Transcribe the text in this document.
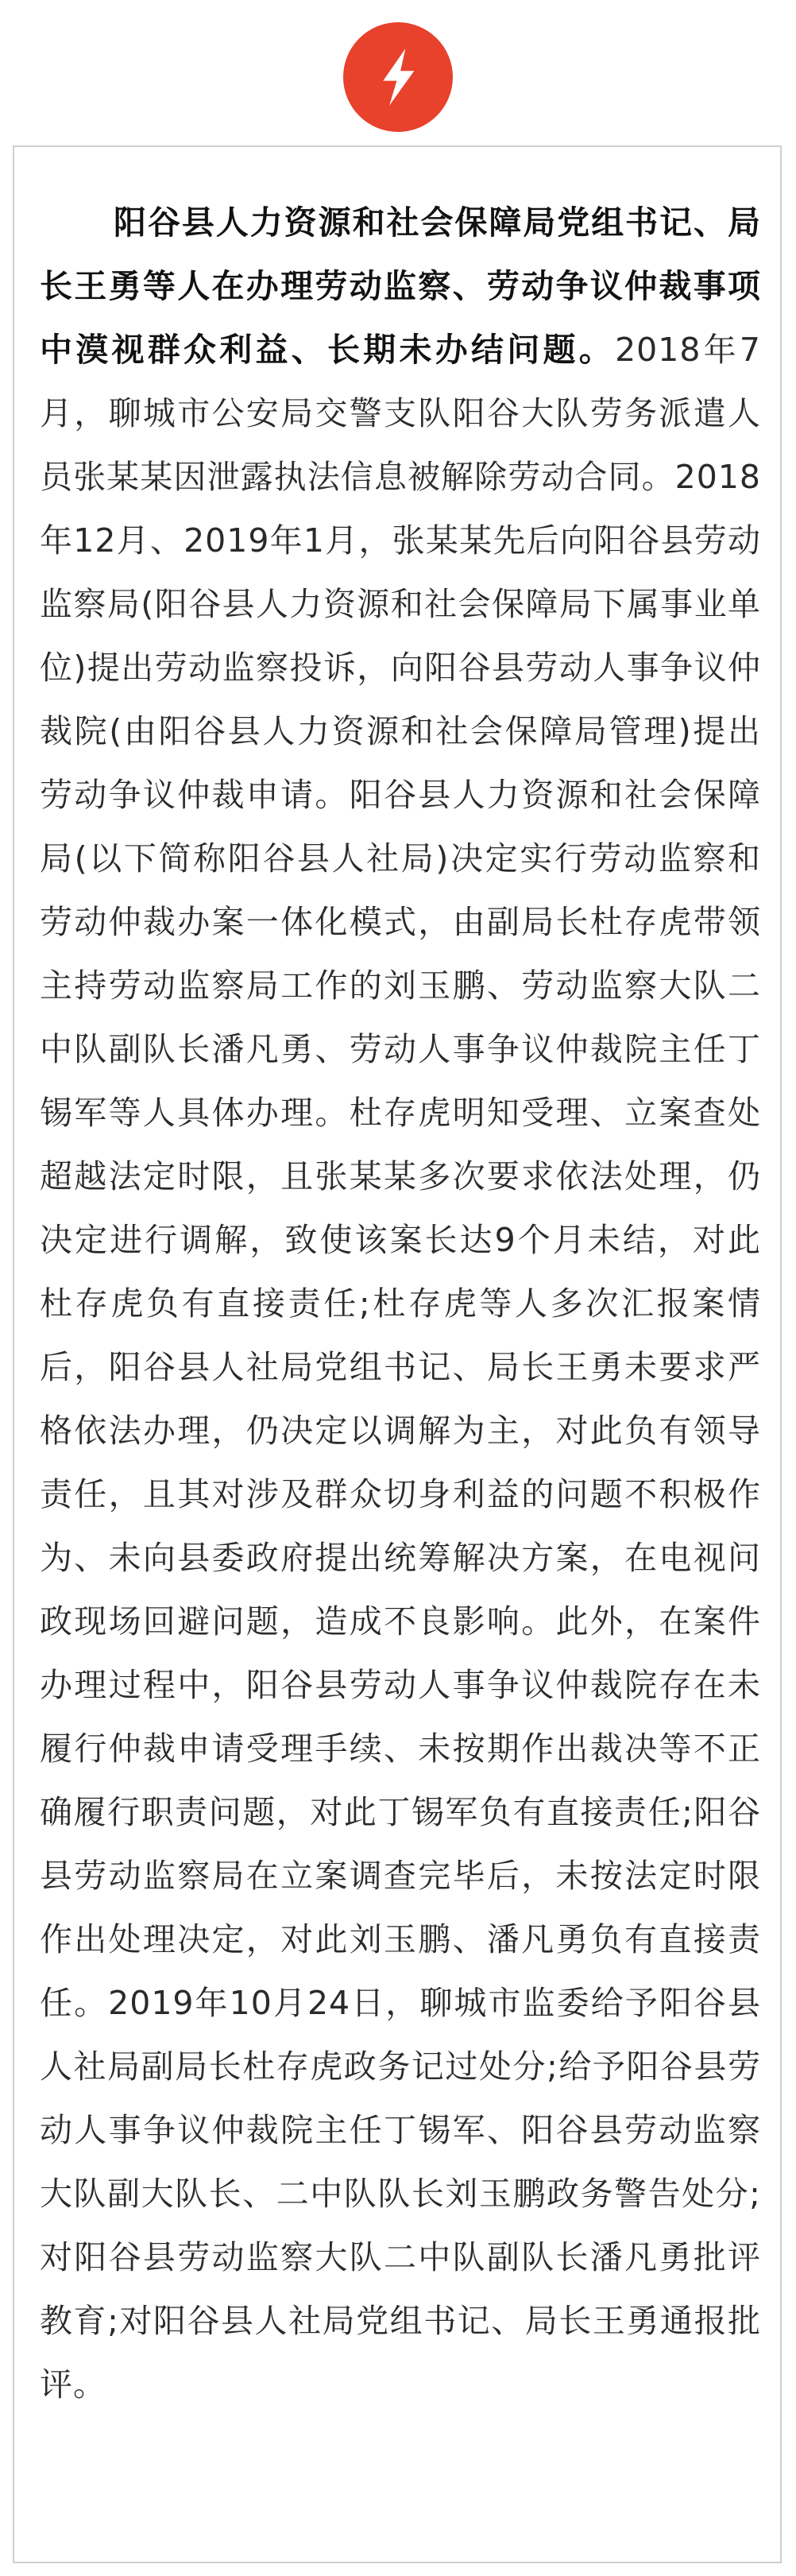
阳谷县人力资源和社会保障局党组书记、局长王勇等人在办理劳动监察、劳动争议仲裁事项中漠视群众利益、长期未办结问题。2018年7月，聊城市公安局交警支队阳谷大队劳务派遣人员张某某因泄露执法信息被解除劳动合同。2018年12月、2019年1月，张某某先后向阳谷县劳动监察局(阳谷县人力资源和社会保障局下属事业单位)提出劳动监察投诉，向阳谷县劳动人事争议仲裁院(由阳谷县人力资源和社会保障局管理)提出劳动争议仲裁申请。阳谷县人力资源和社会保障局(以下简称阳谷县人社局)决定实行劳动监察和劳动仲裁办案一体化模式，由副局长杜存虎带领主持劳动监察局工作的刘玉鹏、劳动监察大队二中队副队长潘凡勇、劳动人事争议仲裁院主任丁锡军等人具体办理。杜存虎明知受理、立案查处超越法定时限，且张某某多次要求依法处理，仍决定进行调解，致使该案长达9个月未结，对此杜存虎负有直接责任;杜存虎等人多次汇报案情后，阳谷县人社局党组书记、局长王勇未要求严格依法办理，仍决定以调解为主，对此负有领导责任，且其对涉及群众切身利益的问题不积极作为、未向县委政府提出统筹解决方案，在电视问政现场回避问题，造成不良影响。此外，在案件办理过程中，阳谷县劳动人事争议仲裁院存在未履行仲裁申请受理手续、未按期作出裁决等不正确履行职责问题，对此丁锡军负有直接责任;阳谷县劳动监察局在立案调查完毕后，未按法定时限作出处理决定，对此刘玉鹏、潘凡勇负有直接责任。2019年10月24日，聊城市监委给予阳谷县人社局副局长杜存虎政务记过处分;给予阳谷县劳动人事争议仲裁院主任丁锡军、阳谷县劳动监察大队副大队长、二中队队长刘玉鹏政务警告处分;对阳谷县劳动监察大队二中队副队长潘凡勇批评教育;对阳谷县人社局党组书记、局长王勇通报批评。
